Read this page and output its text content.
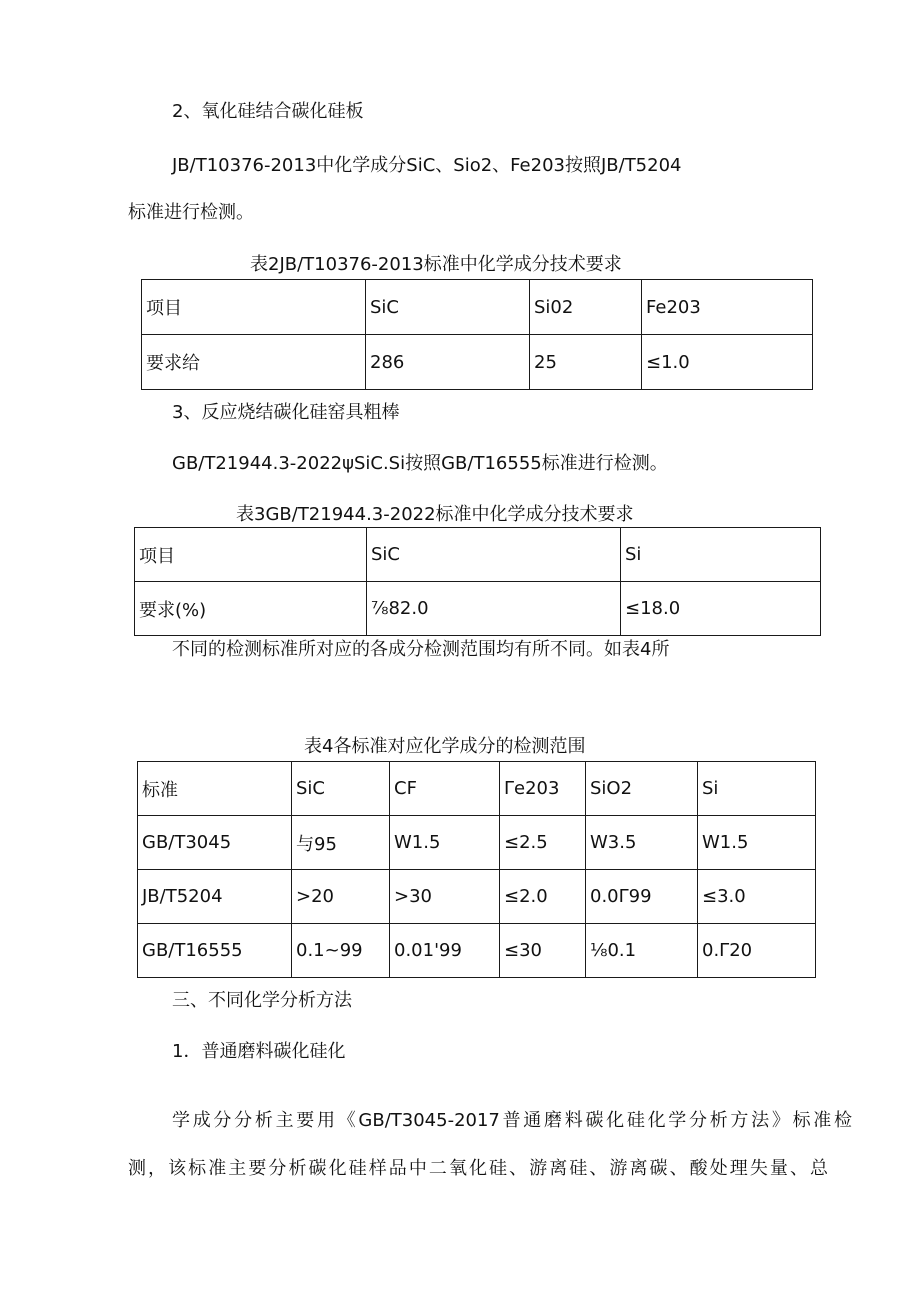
2、氧化硅结合碳化硅板
JB/T10376-2013中化学成分SiC、Sio2、Fe203按照JB/T5204
标准进行检测。
表2JB/T10376-2013标准中化学成分技术要求
项目	SiC	Si02	Fe203
要求给	286	25	≤1.0
3、反应烧结碳化硅窑具粗棒
GB/T21944.3-2022ψSiC.Si按照GB/T16555标准进行检测。
表3GB/T21944.3-2022标准中化学成分技术要求
项目	SiC	Si
要求(%)	⅞82.0	≤18.0
不同的检测标准所对应的各成分检测范围均有所不同。如表4所
表4各标准对应化学成分的检测范围
标准	SiC	CF	Γe203	SiO2	Si
GB/T3045	与95	W1.5	≤2.5	W3.5	W1.5
JB/T5204	>20	>30	≤2.0	0.0Γ99	≤3.0
GB/T16555	0.1~99	0.01'99	≤30	⅛0.1	0.Γ20
三、不同化学分析方法
1．普通磨料碳化硅化
学成分分析主要用《GB/T3045-2017普通磨料碳化硅化学分析方法》标准检
测，该标准主要分析碳化硅样品中二氧化硅、游离硅、游离碳、酸处理失量、总
